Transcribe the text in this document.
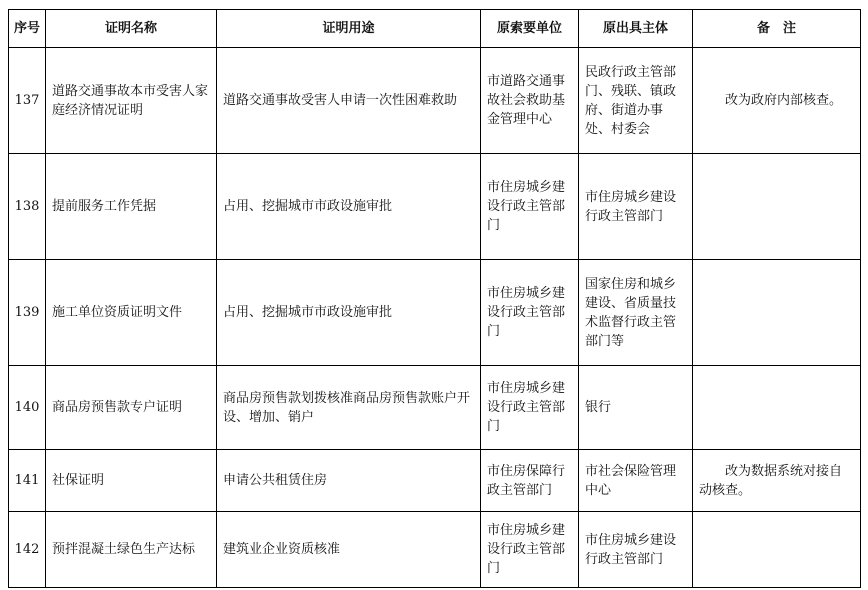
序号	证明名称	证明用途	原索要单位	原出具主体	备　注
137	道路交通事故本市受害人家庭经济情况证明	道路交通事故受害人申请一次性困难救助	市道路交通事故社会救助基金管理中心	民政行政主管部门、残联、镇政府、街道办事处、村委会	改为政府内部核查。
138	提前服务工作凭据	占用、挖掘城市市政设施审批	市住房城乡建设行政主管部门	市住房城乡建设行政主管部门	
139	施工单位资质证明文件	占用、挖掘城市市政设施审批	市住房城乡建设行政主管部门	国家住房和城乡建设、省质量技术监督行政主管部门等	
140	商品房预售款专户证明	商品房预售款划拨核准商品房预售款账户开设、增加、销户	市住房城乡建设行政主管部门	银行	
141	社保证明	申请公共租赁住房	市住房保障行政主管部门	市社会保险管理中心	改为数据系统对接自动核查。
142	预拌混凝土绿色生产达标	建筑业企业资质核准	市住房城乡建设行政主管部门	市住房城乡建设行政主管部门	
